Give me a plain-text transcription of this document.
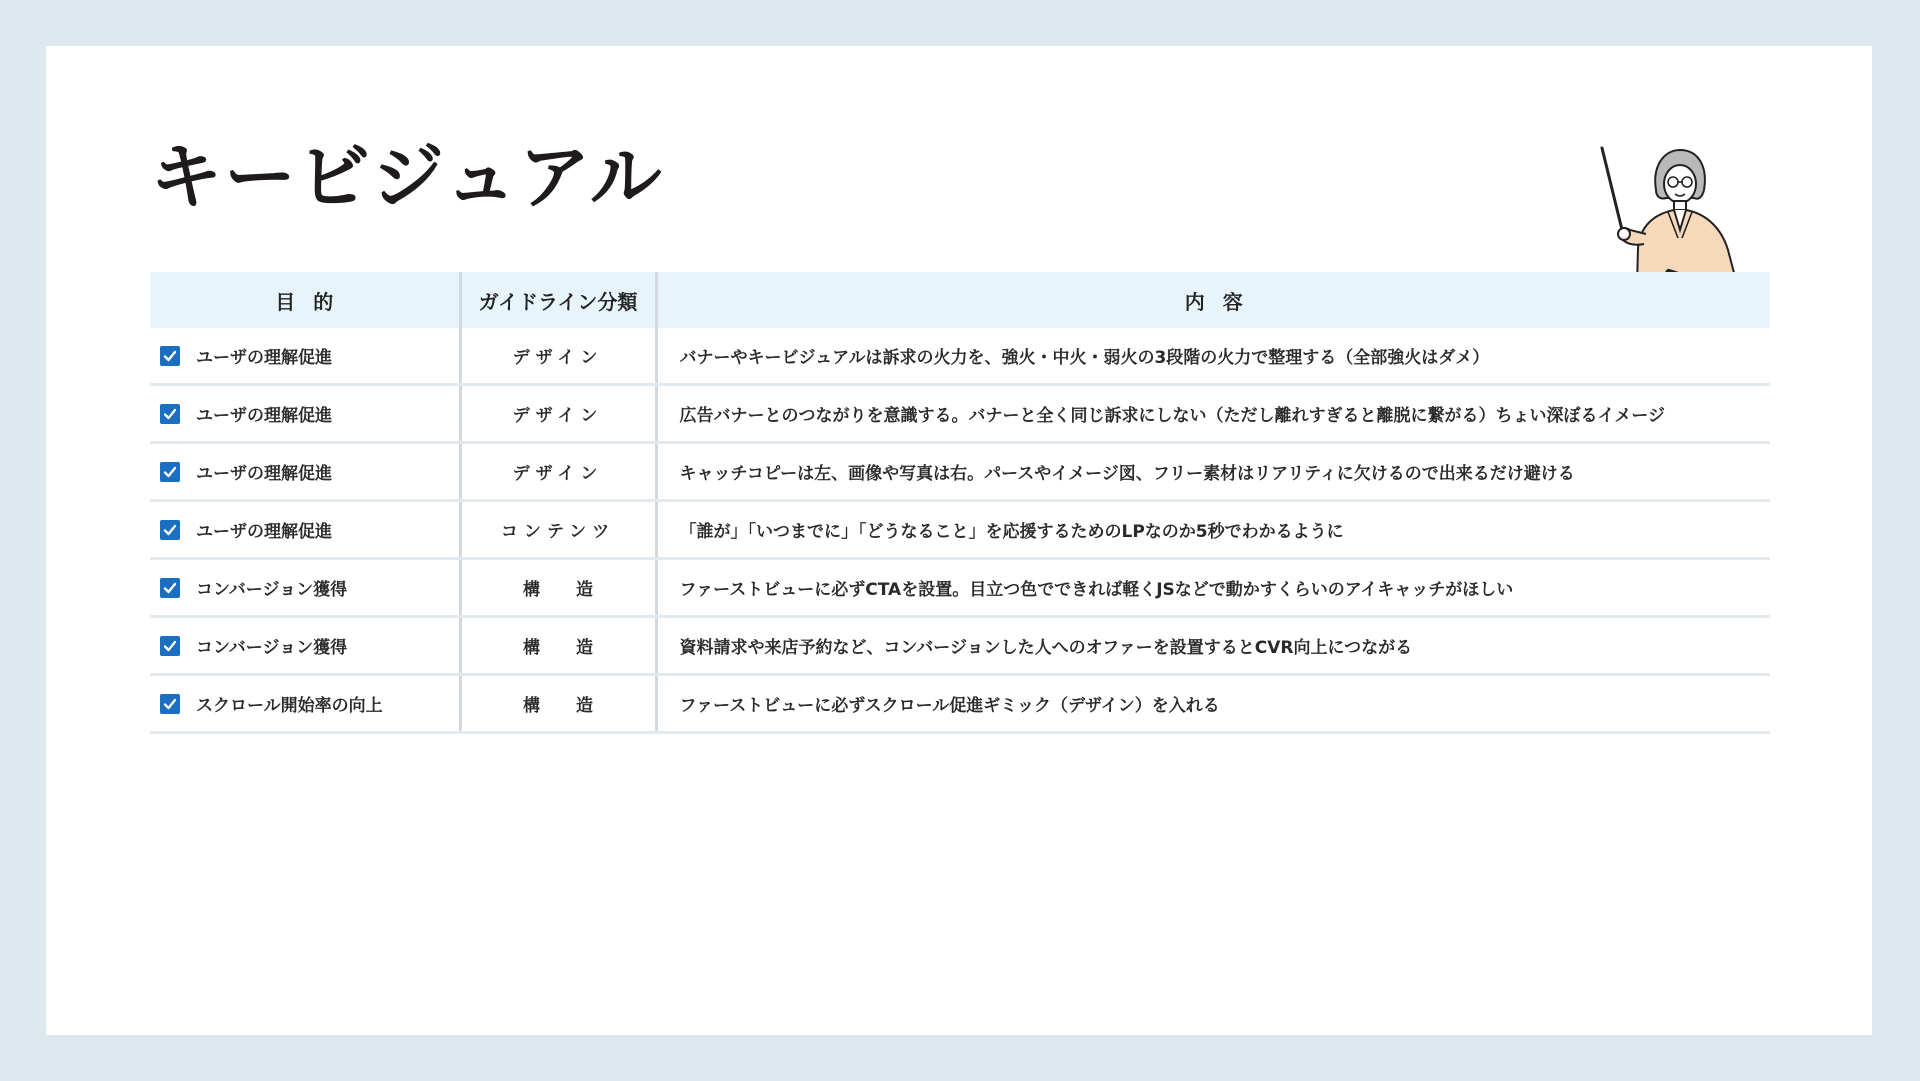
キービジュアル
目的	ガイドライン分類	内容

ユーザの理解促進	デザイン	バナーやキービジュアルは訴求の火力を、強火・中火・弱火の3段階の火力で整理する（全部強火はダメ）

ユーザの理解促進	デザイン	広告バナーとのつながりを意識する。バナーと全く同じ訴求にしない（ただし離れすぎると離脱に繋がる）ちょい深ぼるイメージ

ユーザの理解促進	デザイン	キャッチコピーは左、画像や写真は右。パースやイメージ図、フリー素材はリアリティに欠けるので出来るだけ避ける

ユーザの理解促進	コンテンツ	「誰が」「いつまでに」「どうなること」を応援するためのLPなのか5秒でわかるように

コンバージョン獲得	構造	ファーストビューに必ずCTAを設置。目立つ色でできれば軽くJSなどで動かすくらいのアイキャッチがほしい

コンバージョン獲得	構造	資料請求や来店予約など、コンバージョンした人へのオファーを設置するとCVR向上につながる

スクロール開始率の向上	構造	ファーストビューに必ずスクロール促進ギミック（デザイン）を入れる
